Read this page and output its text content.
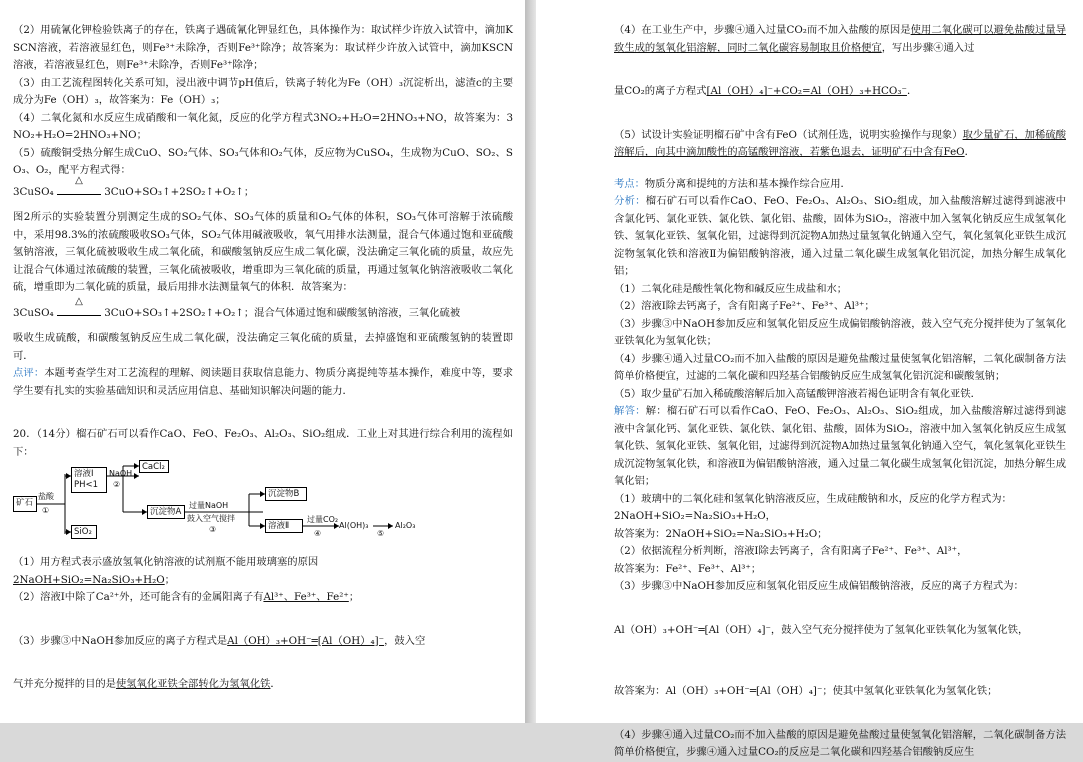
（2）用硫氰化钾检验铁离子的存在，铁离子遇硫氰化钾显红色，具体操作为：取试样少许放入试管中，滴加KSCN溶液，若溶液显红色，则Fe³⁺未除净，否则Fe³⁺除净；故答案为：取试样少许放入试管中，滴加KSCN溶液，若溶液显红色，则Fe³⁺未除净，否则Fe³⁺除净；

（3）由工艺流程图转化关系可知，浸出液中调节pH值后，铁离子转化为Fe（OH）₃沉淀析出，滤渣c的主要成分为Fe（OH）₃，故答案为：Fe（OH）₃；

（4）二氧化氮和水反应生成硝酸和一氧化氮，反应的化学方程式3NO₂+H₂O=2HNO₃+NO，故答案为：3NO₂+H₂O=2HNO₃+NO；

（5）硫酸铜受热分解生成CuO、SO₂气体、SO₃气体和O₂气体，反应物为CuSO₄，生成物为CuO、SO₂、SO₃、O₂，配平方程式得：

3CuSO₄
△
3CuO+SO₃↑+2SO₂↑+O₂↑；

图2所示的实验装置分别测定生成的SO₂气体、SO₃气体的质量和O₂气体的体积，SO₃气体可溶解于浓硫酸中，采用98.3%的浓硫酸吸收SO₃气体，SO₂气体用碱液吸收，氧气用排水法测量，混合气体通过饱和亚硫酸氢钠溶液，三氧化硫被吸收生成二氧化硫，和碳酸氢钠反应生成二氧化碳，没法确定三氧化硫的质量，故应先让混合气体通过浓硫酸的装置，三氧化硫被吸收，增重即为三氧化硫的质量，再通过氢氧化钠溶液吸收二氧化硫，增重即为二氧化硫的质量，最后用排水法测量氧气的体积．故答案为：

3CuSO₄
△
3CuO+SO₃↑+2SO₂↑+O₂↑；混合气体通过饱和碳酸氢钠溶液，三氧化硫被

吸收生成硫酸，和碳酸氢钠反应生成二氧化碳，没法确定三氧化硫的质量，去掉盛饱和亚硫酸氢钠的装置即可．

点评：本题考查学生对工艺流程的理解、阅读题目获取信息能力、物质分离提纯等基本操作，难度中等，要求学生要有扎实的实验基础知识和灵活应用信息、基础知识解决问题的能力．

20．（14分）榴石矿石可以看作CaO、FeO、Fe₂O₃、Al₂O₃、SiO₂组成．工业上对其进行综合利用的流程如下：

矿石
盐酸
①
溶液Ⅰ
PH<1
NaOH
②
CaCl₂
SiO₂
沉淀物A
过量NaOH
鼓入空气搅拌
③
沉淀物B
溶液Ⅱ
过量CO₂
④
Al(OH)₃
⑤
Al₂O₃

（1）用方程式表示盛放氢氧化钠溶液的试剂瓶不能用玻璃塞的原因

2NaOH+SiO₂=Na₂SiO₃+H₂O；

（2）溶液Ⅰ中除了Ca²⁺外，还可能含有的金属阳离子有Al³⁺、Fe³⁺、Fe²⁺；

（3）步骤③中NaOH参加反应的离子方程式是Al（OH）₃+OH⁻═[Al（OH）₄]⁻，鼓入空

气并充分搅拌的目的是使氢氧化亚铁全部转化为氢氧化铁．

（4）在工业生产中，步骤④通入过量CO₂而不加入盐酸的原因是使用二氧化碳可以避免盐酸过量导致生成的氢氧化铝溶解，同时二氧化碳容易制取且价格便宜，写出步骤④通入过

量CO₂的离子方程式[Al（OH）₄]⁻+CO₂=Al（OH）₃+HCO₃⁻．

（5）试设计实验证明榴石矿中含有FeO（试剂任选，说明实验操作与现象）取少量矿石，加稀硫酸溶解后，向其中滴加酸性的高锰酸钾溶液，若紫色退去，证明矿石中含有FeO．

考点：物质分离和提纯的方法和基本操作综合应用．

分析：榴石矿石可以看作CaO、FeO、Fe₂O₃、Al₂O₃、SiO₂组成，加入盐酸溶解过滤得到滤液中含氯化钙、氯化亚铁、氯化铁、氯化铝、盐酸，固体为SiO₂，溶液中加入氢氧化钠反应生成氢氧化铁、氢氧化亚铁、氢氧化铝，过滤得到沉淀物A加热过量氢氧化钠通入空气，氧化氢氧化亚铁生成沉淀物氢氧化铁和溶液Ⅱ为偏铝酸钠溶液，通入过量二氧化碳生成氢氧化铝沉淀，加热分解生成氧化铝；

（1）二氧化硅是酸性氧化物和碱反应生成盐和水；

（2）溶液Ⅰ除去钙离子，含有阳离子Fe²⁺、Fe³⁺、Al³⁺；

（3）步骤③中NaOH参加反应和氢氧化铝反应生成偏铝酸钠溶液，鼓入空气充分搅拌使为了氢氧化亚铁氧化为氢氧化铁；

（4）步骤④通入过量CO₂而不加入盐酸的原因是避免盐酸过量使氢氧化铝溶解，二氧化碳制备方法简单价格便宜，过滤的二氧化碳和四羟基合铝酸钠反应生成氢氧化铝沉淀和碳酸氢钠；

（5）取少量矿石加入稀硫酸溶解后加入高锰酸钾溶液若褐色证明含有氧化亚铁．

解答：解：榴石矿石可以看作CaO、FeO、Fe₂O₃、Al₂O₃、SiO₂组成，加入盐酸溶解过滤得到滤液中含氯化钙、氯化亚铁、氯化铁、氯化铝、盐酸，固体为SiO₂，溶液中加入氢氧化钠反应生成氢氧化铁、氢氧化亚铁、氢氧化铝，过滤得到沉淀物A加热过量氢氧化钠通入空气，氧化氢氧化亚铁生成沉淀物氢氧化铁，和溶液Ⅱ为偏铝酸钠溶液，通入过量二氧化碳生成氢氧化铝沉淀，加热分解生成氧化铝；

（1）玻璃中的二氧化硅和氢氧化钠溶液反应，生成硅酸钠和水，反应的化学方程式为：

2NaOH+SiO₂=Na₂SiO₃+H₂O，

故答案为：2NaOH+SiO₂=Na₂SiO₃+H₂O；

（2）依据流程分析判断，溶液Ⅰ除去钙离子，含有阳离子Fe²⁺、Fe³⁺、Al³⁺，

故答案为：Fe²⁺、Fe³⁺、Al³⁺；

（3）步骤③中NaOH参加反应和氢氧化铝反应生成偏铝酸钠溶液，反应的离子方程式为：

Al（OH）₃+OH⁻═[Al（OH）₄]⁻，鼓入空气充分搅拌使为了氢氧化亚铁氧化为氢氧化铁，

故答案为：Al（OH）₃+OH⁻═[Al（OH）₄]⁻；使其中氢氧化亚铁氧化为氢氧化铁；

（4）步骤④通入过量CO₂而不加入盐酸的原因是避免盐酸过量使氢氧化铝溶解，二氧化碳制备方法简单价格便宜，步骤④通入过量CO₂的反应是二氧化碳和四羟基合铝酸钠反应生
